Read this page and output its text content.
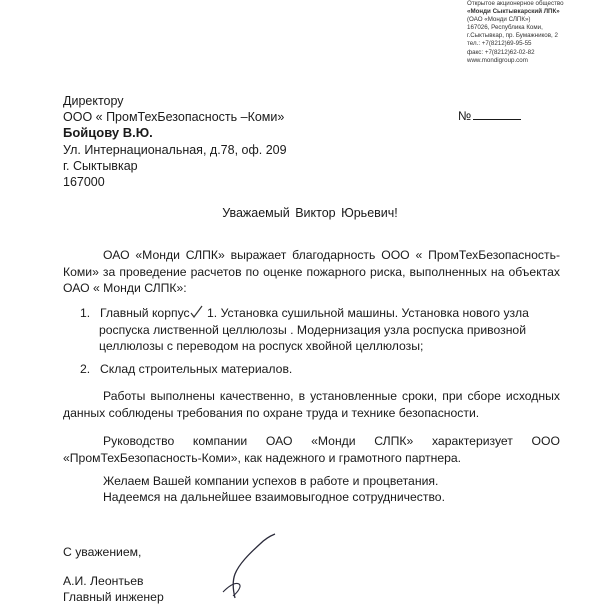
Открытое акционерное общество
«Монди Сыктывкарский ЛПК»
(ОАО «Монди СЛПК»)
167026, Республика Коми,
г.Сыктывкар, пр. Бумажников, 2
тел.: +7(8212)69-95-55
факс: +7(8212)62-02-82
www.mondigroup.com
Директору
ООО « ПромТехБезопасность –Коми»
Бойцову В.Ю.
Ул. Интернациональная, д.78, оф. 209
г. Сыктывкар
167000
№
Уважаемый Виктор Юрьевич!
ОАО «Монди СЛПК» выражает благодарность ООО « ПромТехБезопасность-Коми» за проведение расчетов по оценке пожарного риска, выполненных на объектах ОАО « Монди СЛПК»:
1. Главный корпус 1. Установка сушильной машины. Установка нового узла
роспуска лиственной целлюлозы . Модернизация узла роспуска привозной целлюлозы с переводом на роспуск хвойной целлюлозы;
2. Склад строительных материалов.
Работы выполнены качественно, в установленные сроки, при сборе исходных данных соблюдены требования по охране труда и технике безопасности.
Руководство компании ОАО «Монди СЛПК» характеризует ООО «ПромТехБезопасность-Коми», как надежного и грамотного партнера.
Желаем Вашей компании успехов в работе и процветания.
Надеемся на дальнейшее взаимовыгодное сотрудничество.
С уважением,
А.И. Леонтьев
Главный инженер
